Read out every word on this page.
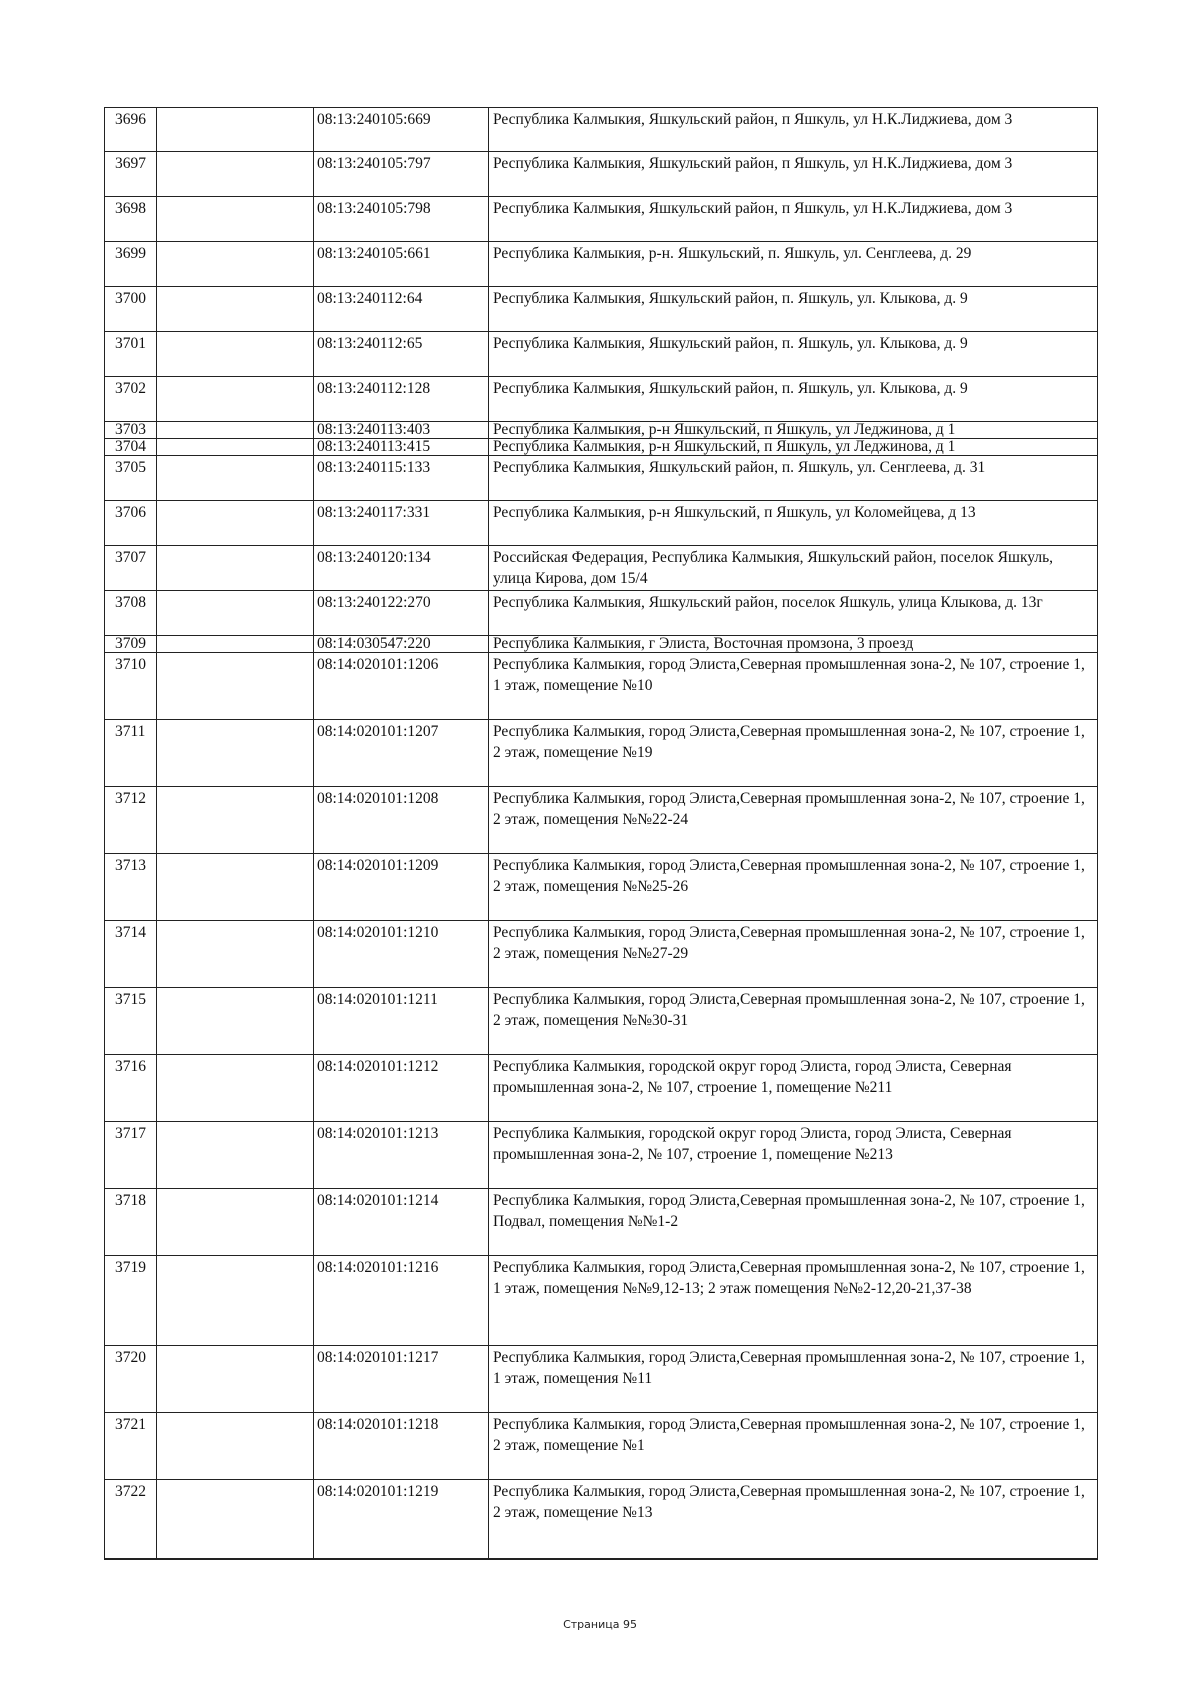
3696		08:13:240105:669	Республика Калмыкия, Яшкульский район, п Яшкуль, ул Н.К.Лиджиева, дом 3
3697		08:13:240105:797	Республика Калмыкия, Яшкульский район, п Яшкуль, ул Н.К.Лиджиева, дом 3
3698		08:13:240105:798	Республика Калмыкия, Яшкульский район, п Яшкуль, ул Н.К.Лиджиева, дом 3
3699		08:13:240105:661	Республика Калмыкия, р-н. Яшкульский, п. Яшкуль, ул. Сенглеева, д. 29
3700		08:13:240112:64	Республика Калмыкия, Яшкульский район, п. Яшкуль, ул. Клыкова, д. 9
3701		08:13:240112:65	Республика Калмыкия, Яшкульский район, п. Яшкуль, ул. Клыкова, д. 9
3702		08:13:240112:128	Республика Калмыкия, Яшкульский район, п. Яшкуль, ул. Клыкова, д. 9
3703		08:13:240113:403	Республика Калмыкия, р-н Яшкульский, п Яшкуль, ул Леджинова, д 1
3704		08:13:240113:415	Республика Калмыкия, р-н Яшкульский, п Яшкуль, ул Леджинова, д 1
3705		08:13:240115:133	Республика Калмыкия, Яшкульский район, п. Яшкуль, ул. Сенглеева, д. 31
3706		08:13:240117:331	Республика Калмыкия, р-н Яшкульский, п Яшкуль, ул Коломейцева, д 13
3707		08:13:240120:134	Российская Федерация, Республика Калмыкия, Яшкульский район, поселок Яшкуль, улица Кирова, дом 15/4
3708		08:13:240122:270	Республика Калмыкия, Яшкульский район, поселок Яшкуль, улица Клыкова, д. 13г
3709		08:14:030547:220	Республика Калмыкия, г Элиста, Восточная промзона, 3 проезд
3710		08:14:020101:1206	Республика Калмыкия, город Элиста,Северная промышленная зона-2, № 107, строение 1, 1 этаж, помещение №10
3711		08:14:020101:1207	Республика Калмыкия, город Элиста,Северная промышленная зона-2, № 107, строение 1, 2 этаж, помещение №19
3712		08:14:020101:1208	Республика Калмыкия, город Элиста,Северная промышленная зона-2, № 107, строение 1, 2 этаж, помещения №№22-24
3713		08:14:020101:1209	Республика Калмыкия, город Элиста,Северная промышленная зона-2, № 107, строение 1, 2 этаж, помещения №№25-26
3714		08:14:020101:1210	Республика Калмыкия, город Элиста,Северная промышленная зона-2, № 107, строение 1, 2 этаж, помещения №№27-29
3715		08:14:020101:1211	Республика Калмыкия, город Элиста,Северная промышленная зона-2, № 107, строение 1, 2 этаж, помещения №№30-31
3716		08:14:020101:1212	Республика Калмыкия, городской округ город Элиста, город Элиста, Северная промышленная зона-2, № 107, строение 1, помещение №211
3717		08:14:020101:1213	Республика Калмыкия, городской округ город Элиста, город Элиста, Северная промышленная зона-2, № 107, строение 1, помещение №213
3718		08:14:020101:1214	Республика Калмыкия, город Элиста,Северная промышленная зона-2, № 107, строение 1, Подвал, помещения №№1-2
3719		08:14:020101:1216	Республика Калмыкия, город Элиста,Северная промышленная зона-2, № 107, строение 1, 1 этаж, помещения №№9,12-13; 2 этаж помещения №№2-12,20-21,37-38
3720		08:14:020101:1217	Республика Калмыкия, город Элиста,Северная промышленная зона-2, № 107, строение 1, 1 этаж, помещения №11
3721		08:14:020101:1218	Республика Калмыкия, город Элиста,Северная промышленная зона-2, № 107, строение 1, 2 этаж, помещение №1
3722		08:14:020101:1219	Республика Калмыкия, город Элиста,Северная промышленная зона-2, № 107, строение 1, 2 этаж, помещение №13
Страница 95
